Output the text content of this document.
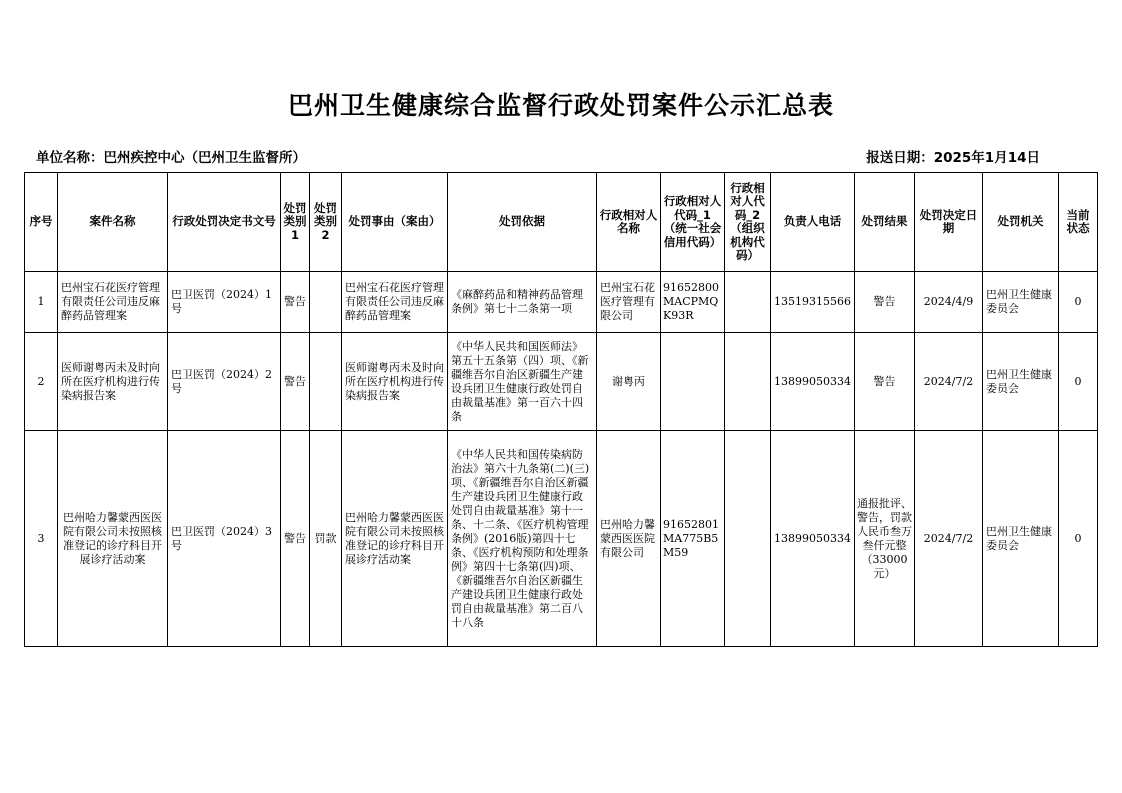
巴州卫生健康综合监督行政处罚案件公示汇总表
单位名称：巴州疾控中心（巴州卫生监督所）	报送日期：2025年1月14日
序号	案件名称	行政处罚决定书文号	处罚类别1	处罚类别2	处罚事由（案由）	处罚依据	行政相对人名称	行政相对人代码_1（统一社会信用代码）	行政相对人代码_2（组织机构代码）	负责人电话	处罚结果	处罚决定日期	处罚机关	当前状态
1	巴州宝石花医疗管理有限责任公司违反麻醉药品管理案	巴卫医罚（2024）1号	警告		巴州宝石花医疗管理有限责任公司违反麻醉药品管理案	《麻醉药品和精神药品管理条例》第七十二条第一项	巴州宝石花医疗管理有限公司	91652800MACPMQK93R		13519315566	警告	2024/4/9	巴州卫生健康委员会	0
2	医师谢粤丙未及时向所在医疗机构进行传染病报告案	巴卫医罚（2024）2号	警告		医师谢粤丙未及时向所在医疗机构进行传染病报告案	《中华人民共和国医师法》第五十五条第（四）项、《新疆维吾尔自治区新疆生产建设兵团卫生健康行政处罚自由裁量基准》第一百六十四条	谢粤丙			13899050334	警告	2024/7/2	巴州卫生健康委员会	0
3	巴州哈力馨蒙西医医院有限公司未按照核准登记的诊疗科目开展诊疗活动案	巴卫医罚（2024）3号	警告	罚款	巴州哈力馨蒙西医医院有限公司未按照核准登记的诊疗科目开展诊疗活动案	《中华人民共和国传染病防治法》第六十九条第(二)(三)项、《新疆维吾尔自治区新疆生产建设兵团卫生健康行政处罚自由裁量基准》第十一条、十二条、《医疗机构管理条例》(2016版)第四十七条、《医疗机构预防和处理条例》第四十七条第(四)项、《新疆维吾尔自治区新疆生产建设兵团卫生健康行政处罚自由裁量基准》第二百八十八条	巴州哈力馨蒙西医医院有限公司	91652801MA775B5M59		13899050334	通报批评、警告，罚款人民币叁万叁仟元整（33000元）	2024/7/2	巴州卫生健康委员会	0
